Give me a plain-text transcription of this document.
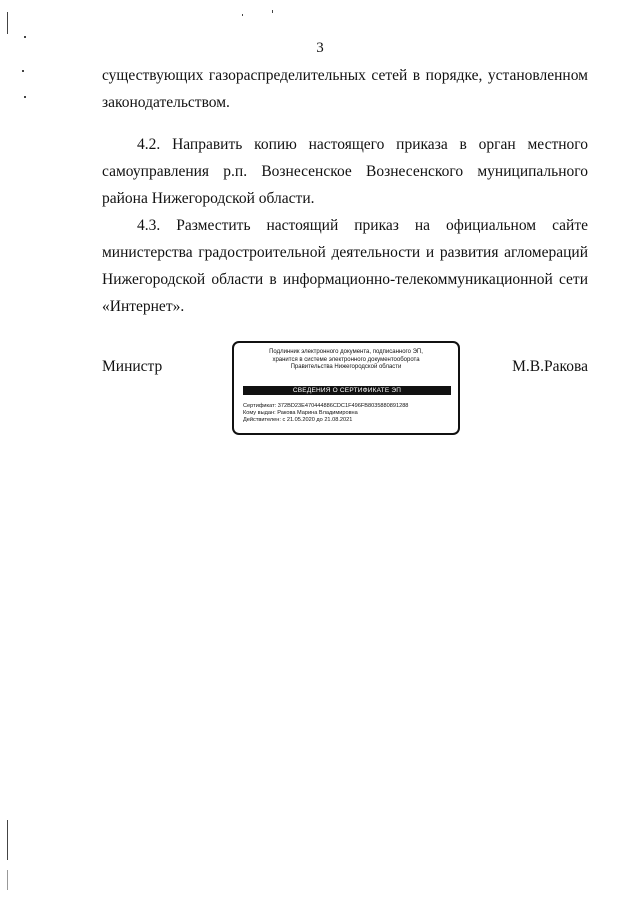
3

существующих газораспределительных сетей в порядке, установленном законодательством.

4.2. Направить копию настоящего приказа в орган местного самоуправления р.п. Вознесенское Вознесенского муниципального района Нижегородской области.

4.3. Разместить настоящий приказ на официальном сайте министерства градостроительной деятельности и развития агломераций Нижегородской области в информационно-телекоммуникационной сети «Интернет».

Министр
Подлинник электронного документа, подписанного ЭП,
хранится в системе электронного документооборота
Правительства Нижегородской области
СВЕДЕНИЯ О СЕРТИФИКАТЕ ЭП
Сертификат: 372BD23E470444886CDC1F496FB8035880891288
Кому выдан: Ракова Марина Владимировна
Действителен: с 21.05.2020 до 21.08.2021
М.В.Ракова
